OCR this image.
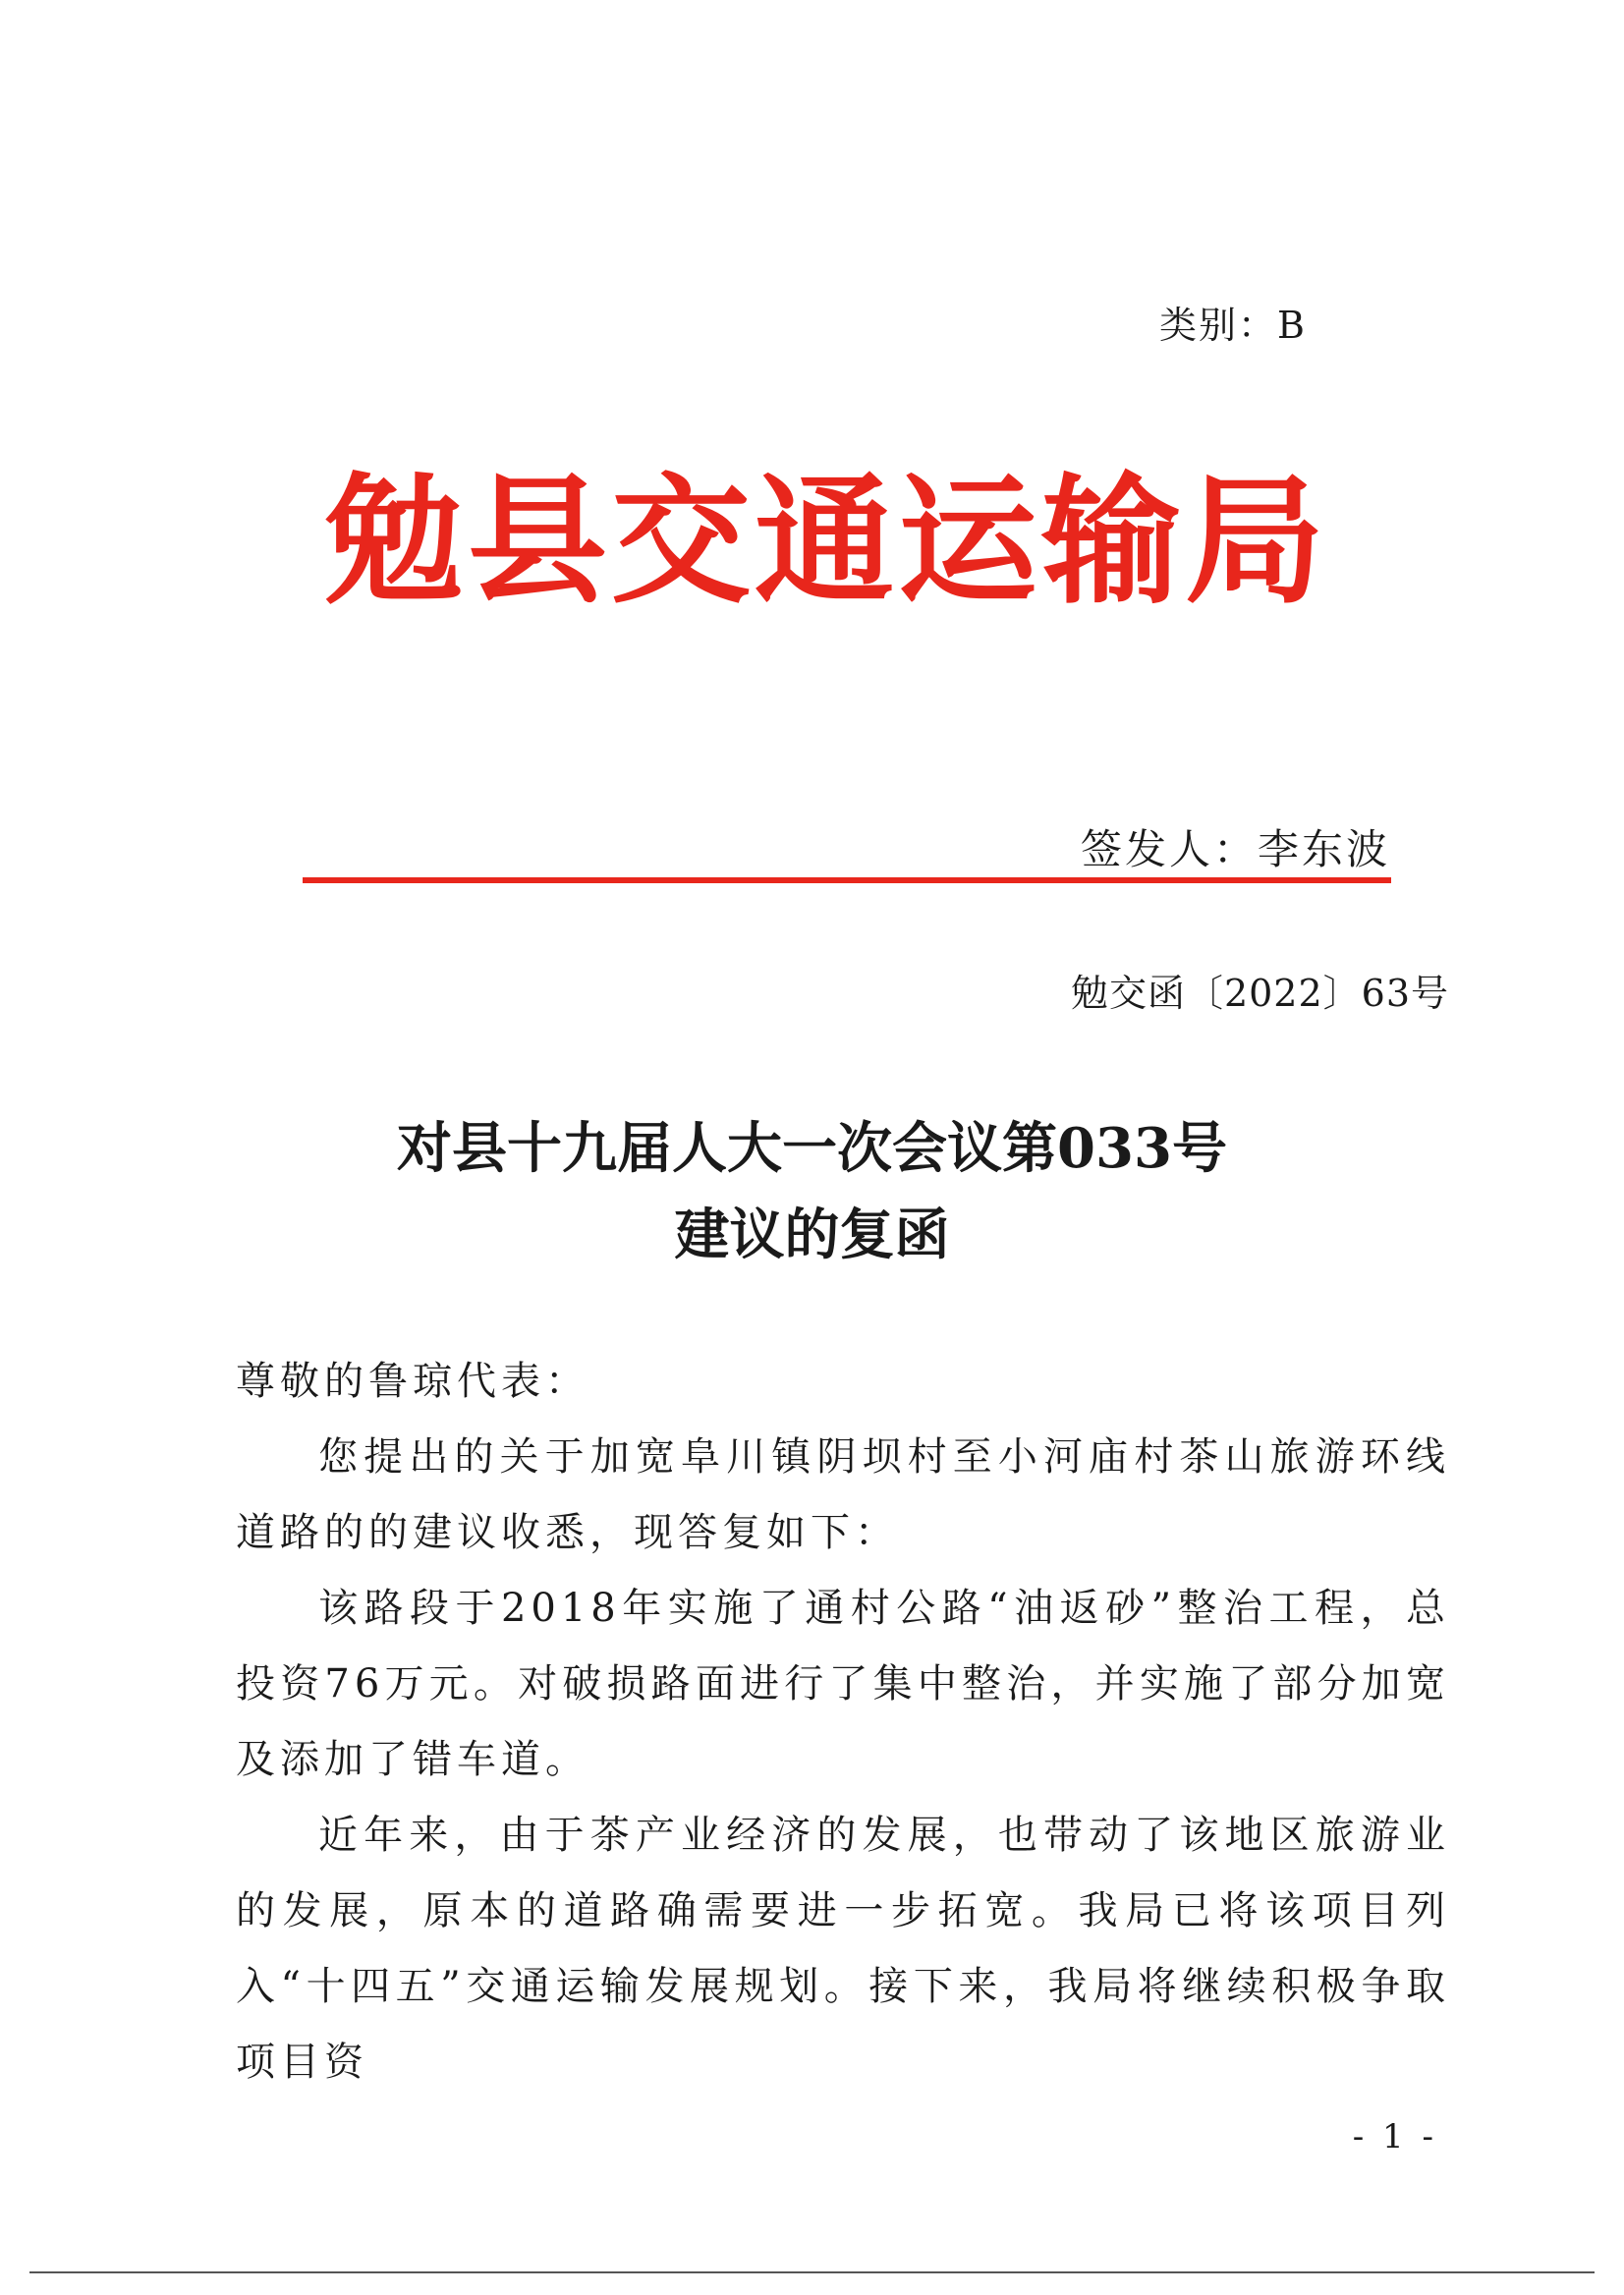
类别：B
勉县交通运输局
签发人：李东波
勉交函〔2022〕63号
对县十九届人大一次会议第033号
建议的复函

尊敬的鲁琼代表：

您提出的关于加宽阜川镇阴坝村至小河庙村茶山旅游环线道路的的建议收悉，现答复如下：

该路段于2018年实施了通村公路“油返砂”整治工程，总投资76万元。对破损路面进行了集中整治，并实施了部分加宽及添加了错车道。

近年来，由于茶产业经济的发展，也带动了该地区旅游业的发展，原本的道路确需要进一步拓宽。我局已将该项目列入“十四五”交通运输发展规划。接下来，我局将继续积极争取项目资

- 1 -
